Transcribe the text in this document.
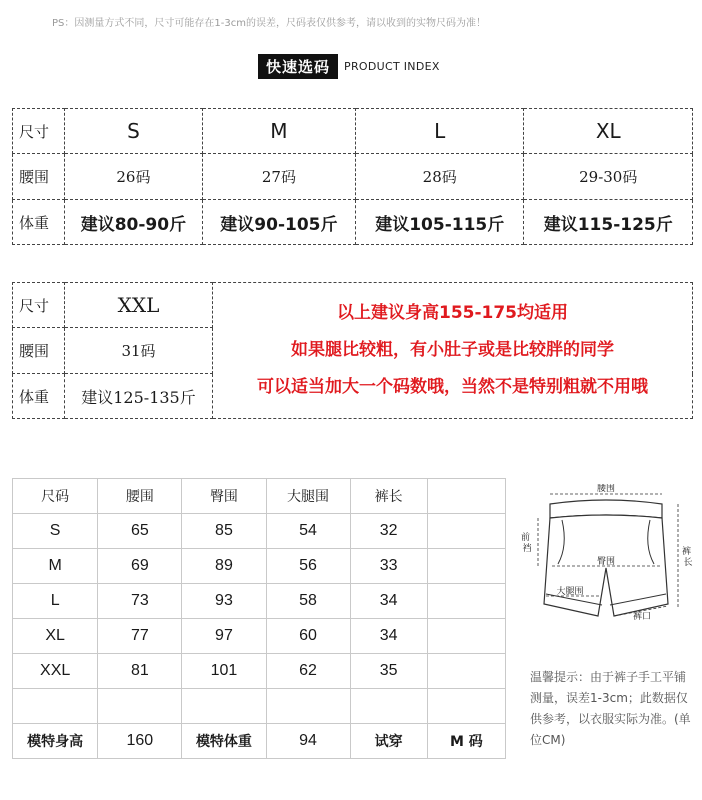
PS：因测量方式不同，尺寸可能存在1-3cm的误差，尺码表仅供参考，请以收到的实物尺码为准！
快速选码	PRODUCT INDEX
尺寸	S	M	L	XL
腰围	26码	27码	28码	29-30码
体重	建议80-90斤	建议90-105斤	建议105-115斤	建议115-125斤
尺寸	XXL	以上建议身高155-175均适用
如果腿比较粗，有小肚子或是比较胖的同学
可以适当加大一个码数哦，当然不是特别粗就不用哦

腰围	31码	
体重	建议125-135斤	
尺码	腰围	臀围	大腿围	裤长	
S	65	85	54	32	
M	69	89	56	33	
L	73	93	58	34	
XL	77	97	60	34	
XXL	81	101	62	35	

模特身高	160	模特体重	94	试穿	M 码
腰围
臀围
大腿围
裤口
前 裆	裤 长
温馨提示：由于裤子手工平铺测量，误差1-3cm；此数据仅供参考，以衣服实际为准。(单位CM)
